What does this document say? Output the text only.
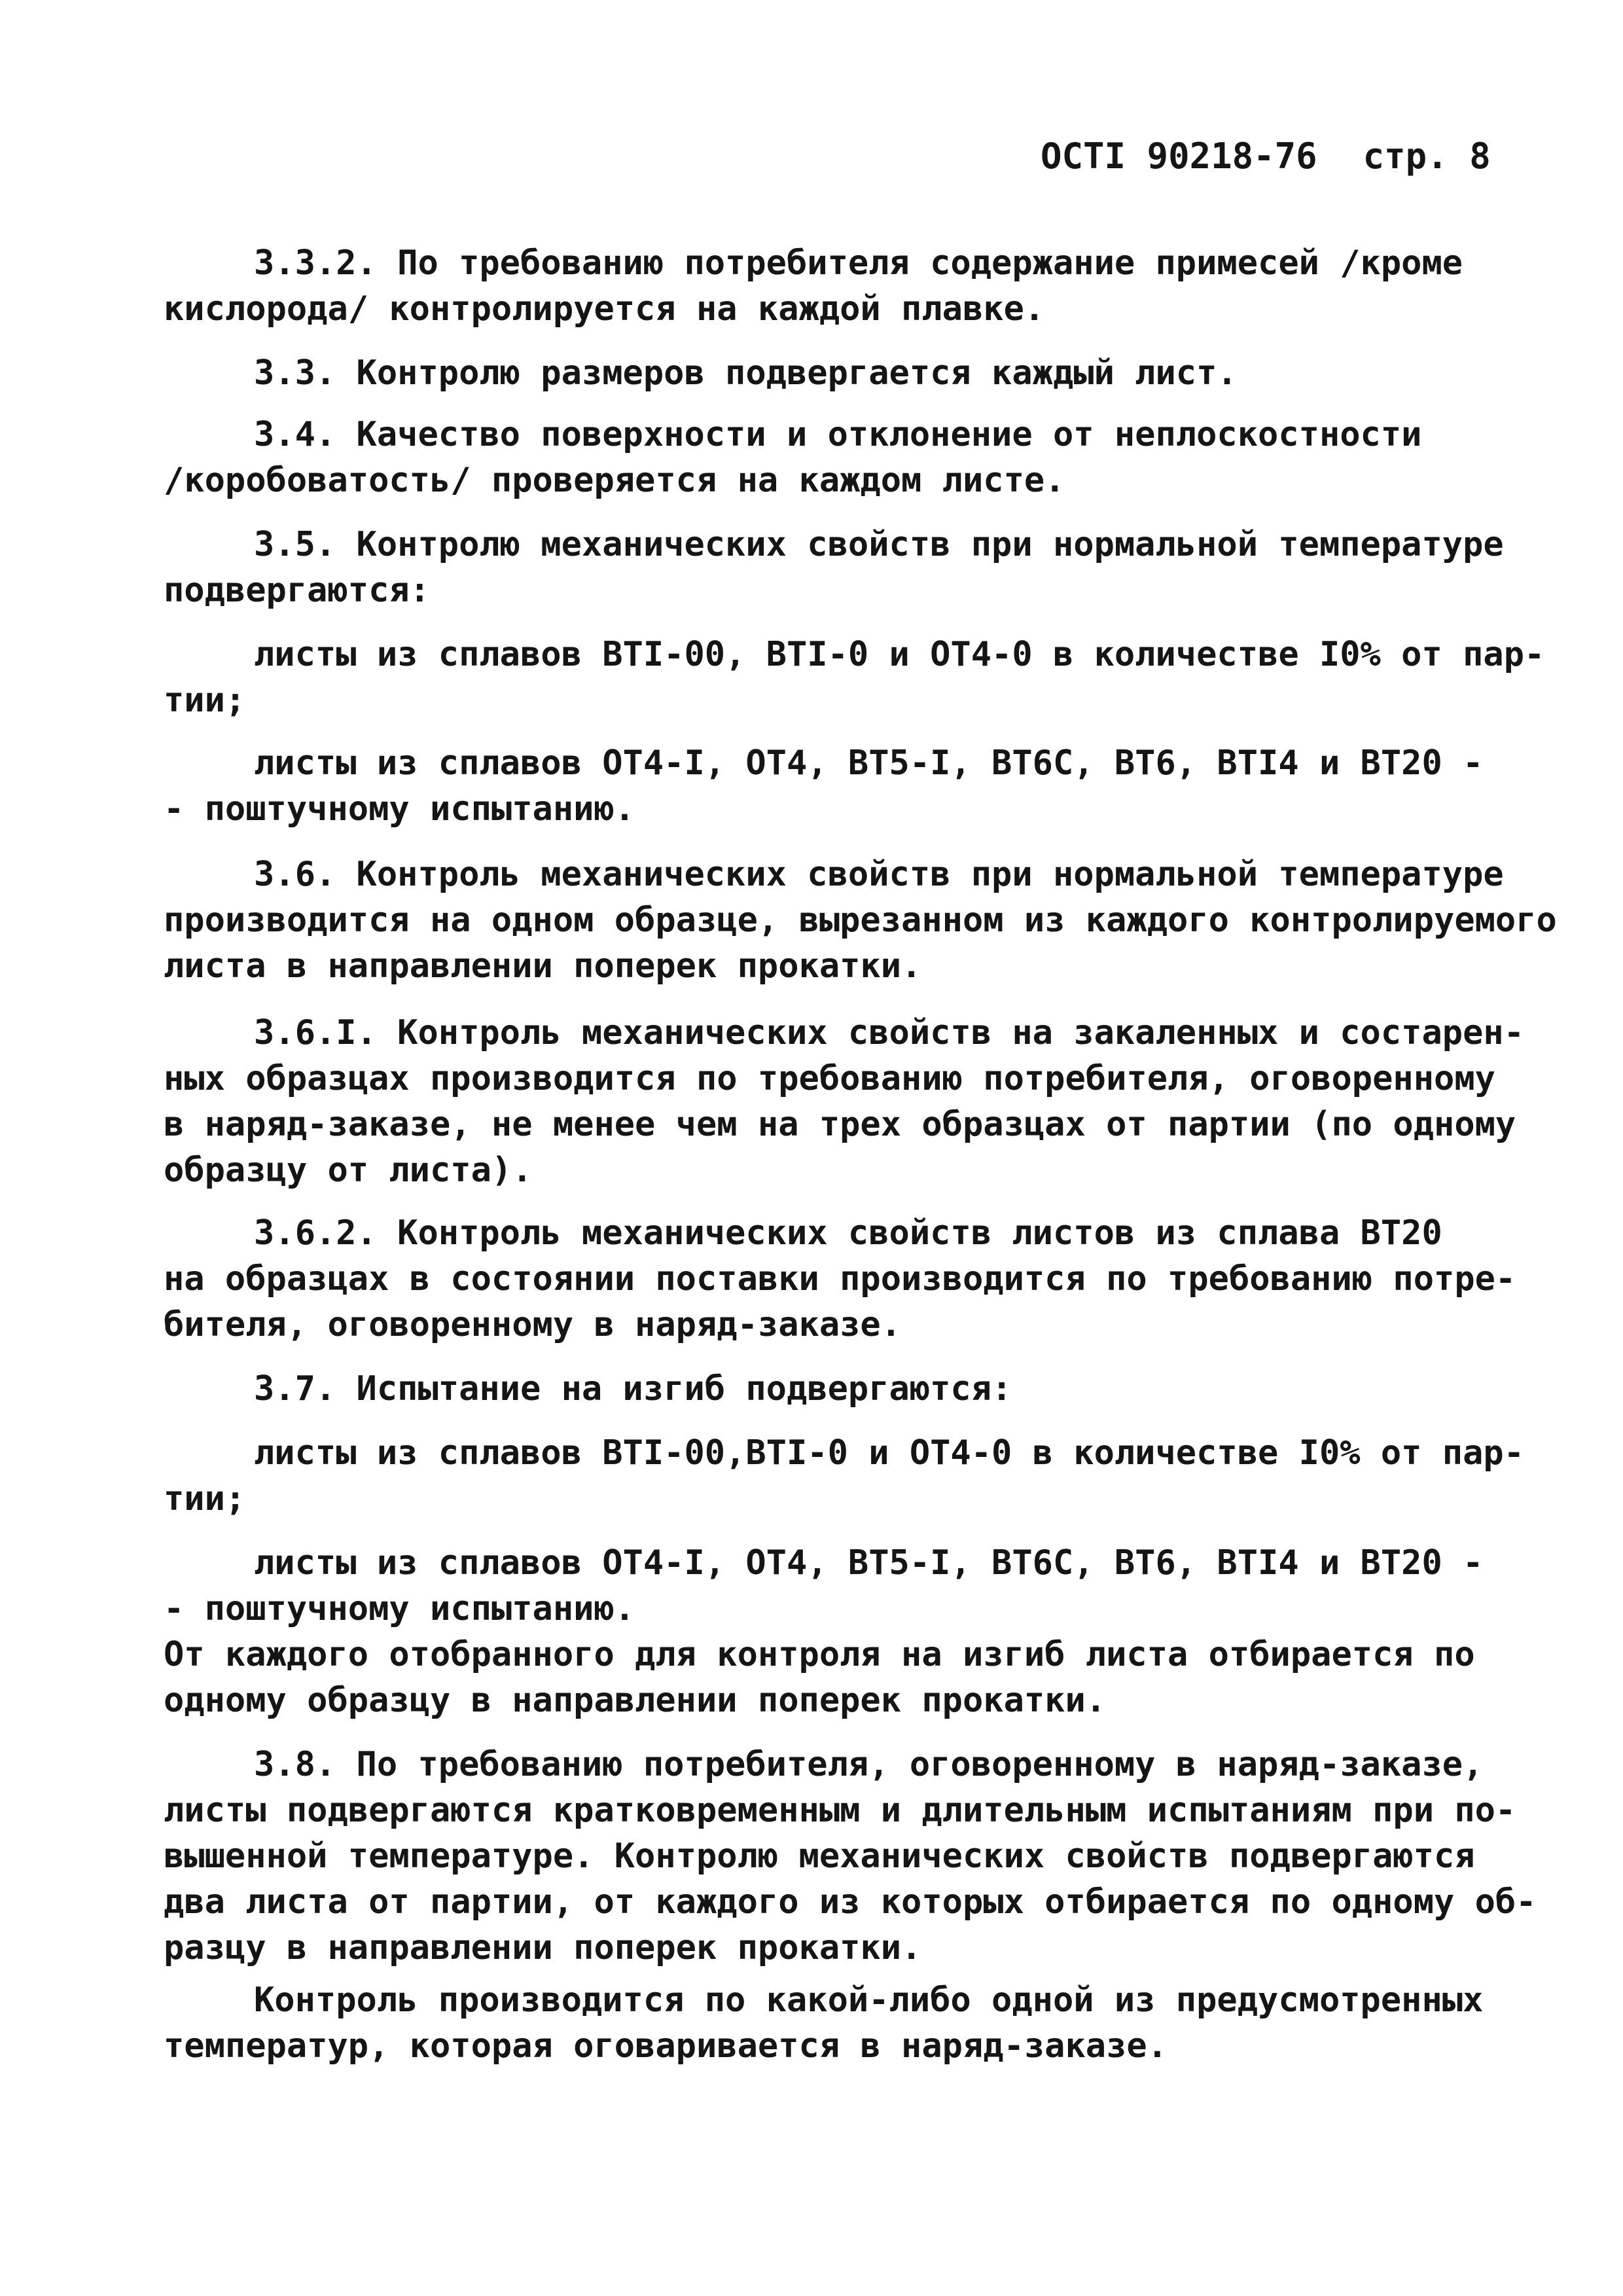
ОСТI 90218-76 стр. 8

3.3.2. По требованию потребителя содержание примесей /кроме

кислорода/ контролируется на каждой плавке.

3.3. Контролю размеров подвергается каждый лист.

3.4. Качество поверхности и отклонение от неплоскостности

/коробоватость/ проверяется на каждом листе.

3.5. Контролю механических свойств при нормальной температуре

подвергаются:

листы из сплавов ВТI-00, ВТI-0 и ОТ4-0 в количестве I0% от пар-

тии;

листы из сплавов ОТ4-I, ОТ4, ВТ5-I, ВТ6С, ВТ6, ВТI4 и ВТ20 -

- поштучному испытанию.

3.6. Контроль механических свойств при нормальной температуре

производится на одном образце, вырезанном из каждого контролируемого

листа в направлении поперек прокатки.

3.6.I. Контроль механических свойств на закаленных и состарен-

ных образцах производится по требованию потребителя, оговоренному

в наряд-заказе, не менее чем на трех образцах от партии (по одному

образцу от листа).

3.6.2. Контроль механических свойств листов из сплава ВТ20

на образцах в состоянии поставки производится по требованию потре-

бителя, оговоренному в наряд-заказе.

3.7. Испытание на изгиб подвергаются:

листы из сплавов ВТI-00,ВТI-0 и ОТ4-0 в количестве I0% от пар-

тии;

листы из сплавов ОТ4-I, ОТ4, ВТ5-I, ВТ6С, ВТ6, ВТI4 и ВТ20 -

- поштучному испытанию.

От каждого отобранного для контроля на изгиб листа отбирается по

одному образцу в направлении поперек прокатки.

3.8. По требованию потребителя, оговоренному в наряд-заказе,

листы подвергаются кратковременным и длительным испытаниям при по-

вышенной температуре. Контролю механических свойств подвергаются

два листа от партии, от каждого из которых отбирается по одному об-

разцу в направлении поперек прокатки.

Контроль производится по какой-либо одной из предусмотренных

температур, которая оговаривается в наряд-заказе.
